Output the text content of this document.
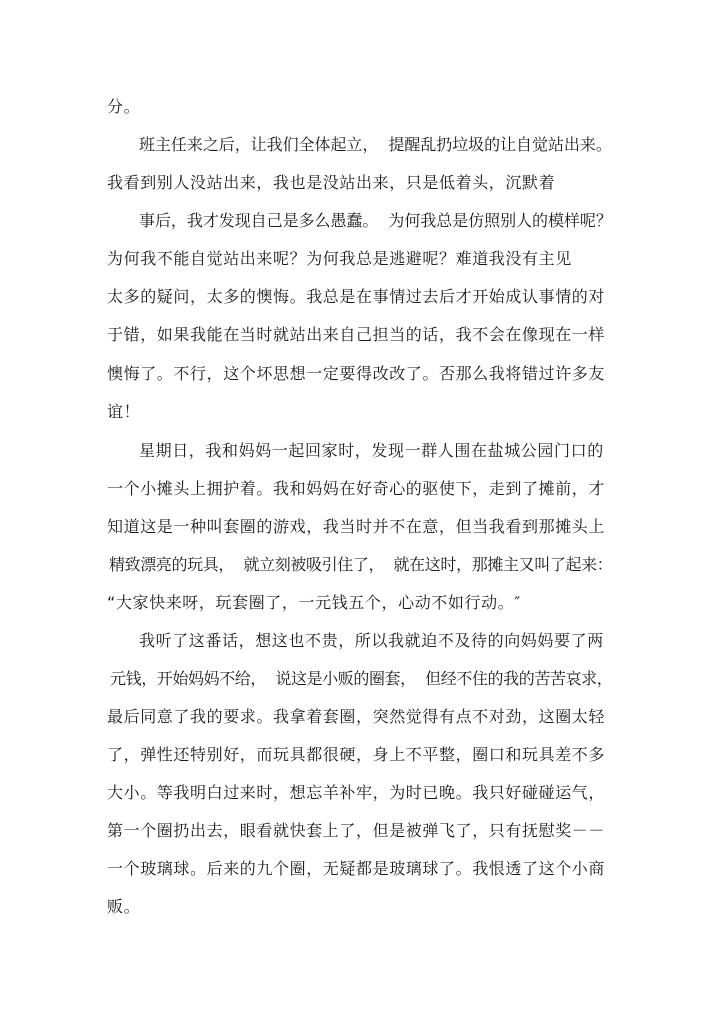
分。
班主任来之后，让我们全体起立，  提醒乱扔垃圾的让自觉站出来。
我看到别人没站出来，我也是没站出来，只是低着头，沉默着
事后，我才发现自己是多么愚蠢。  为何我总是仿照别人的模样呢？
为何我不能自觉站出来呢？为何我总是逃避呢？难道我没有主见
太多的疑问，太多的懊悔。我总是在事情过去后才开始成认事情的对
于错，如果我能在当时就站出来自己担当的话，我不会在像现在一样
懊悔了。不行，这个坏思想一定要得改改了。否那么我将错过许多友
谊！
星期日，我和妈妈一起回家时，发现一群人围在盐城公园门口的
一个小摊头上拥护着。我和妈妈在好奇心的驱使下，走到了摊前，才
知道这是一种叫套圈的游戏，我当时并不在意，但当我看到那摊头上
精致漂亮的玩具，  就立刻被吸引住了，  就在这时，那摊主又叫了起来：
“大家快来呀，玩套圈了，一元钱五个，心动不如行动。″
我听了这番话，想这也不贵，所以我就迫不及待的向妈妈要了两
元钱，开始妈妈不给，  说这是小贩的圈套，  但经不住的我的苦苦哀求，
最后同意了我的要求。我拿着套圈，突然觉得有点不对劲，这圈太轻
了，弹性还特别好，而玩具都很硬，身上不平整，圈口和玩具差不多
大小。等我明白过来时，想忘羊补牢，为时已晚。我只好碰碰运气，
第一个圈扔出去，眼看就快套上了，但是被弹飞了，只有抚慰奖－－
一个玻璃球。后来的九个圈，无疑都是玻璃球了。我恨透了这个小商
贩。
